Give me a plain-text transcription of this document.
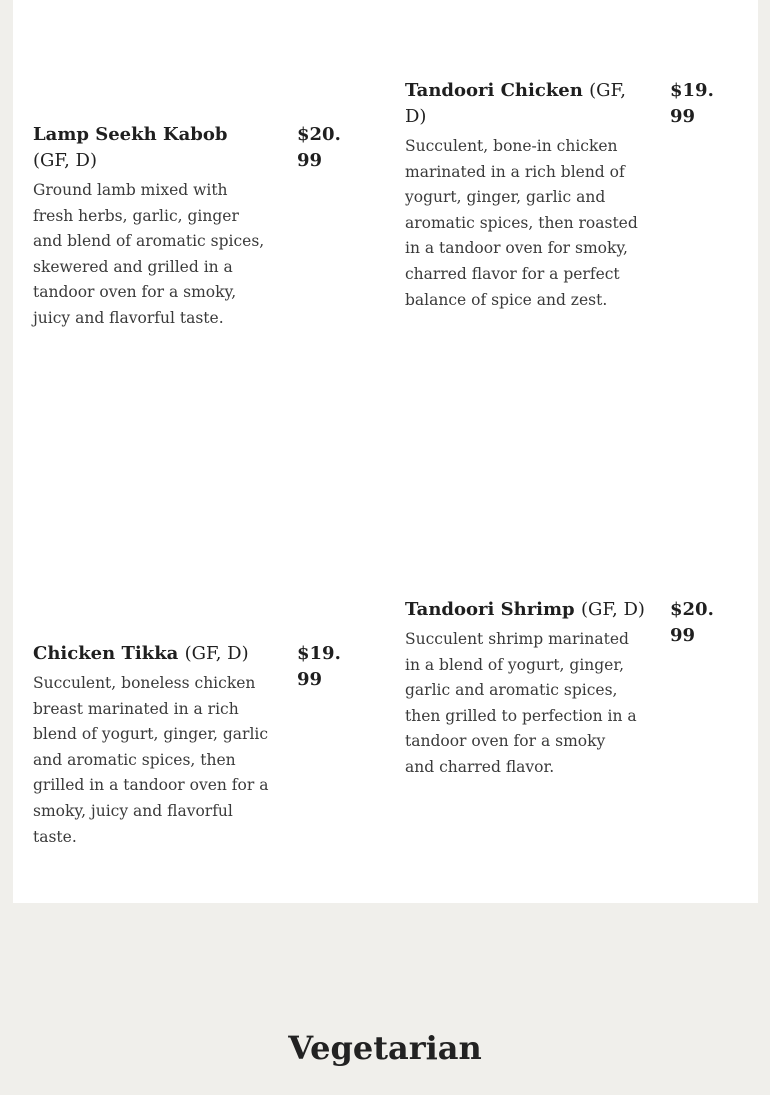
Lamp Seekh Kabob (GF, D)
$20.99

Ground lamb mixed with fresh herbs, garlic, ginger and blend of aromatic spices, skewered and grilled in a tandoor oven for a smoky, juicy and flavorful taste.

Tandoori Chicken (GF, D)
$19.99

Succulent, bone-in chicken marinated in a rich blend of yogurt, ginger, garlic and aromatic spices, then roasted in a tandoor oven for smoky, charred flavor for a perfect balance of spice and zest.

Chicken Tikka (GF, D)	$19.99

Succulent, boneless chicken breast marinated in a rich blend of yogurt, ginger, garlic and aromatic spices, then grilled in a tandoor oven for a smoky, juicy and flavorful taste.

Tandoori Shrimp (GF, D) $20.99

Succulent shrimp marinated in a blend of yogurt, ginger, garlic and aromatic spices, then grilled to perfection in a tandoor oven for a smoky and charred flavor.

Vegetarian
